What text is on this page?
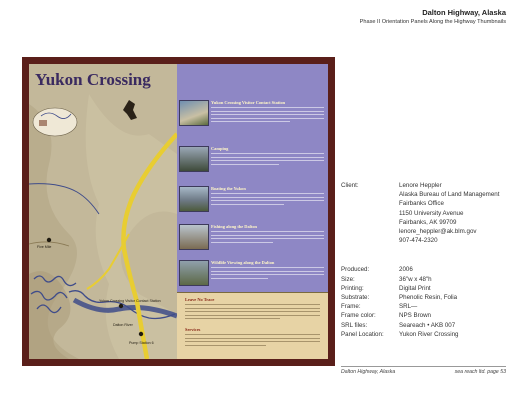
Dalton Highway, Alaska
Phase II Orientation Panels Along the Highway Thumbnails
Five Mile
Yukon Crossing Visitor Contact Station
Dalton River
Pump Station 6
Yukon Crossing
Yukon Crossing Visitor Contact Station
Camping
Boating the Yukon
Fishing along the Dalton
Wildlife Viewing along the Dalton
Leave No Trace
Services
Client:	Lenore Heppler
Alaska Bureau of Land Management
Fairbanks Office
1150 University Avenue
Fairbanks, AK 99709
lenore_heppler@ak.blm.gov
907-474-2320
Produced:	2006
Size:	36"w x 48"h
Printing:	Digital Print
Substrate:	Phenolic Resin, Folia
Frame:	SRL—
Frame color:	NPS Brown
SRL files:	Seareach • AKB 007
Panel Location:	Yukon River Crossing
Dalton Highway, Alaska	sea reach ltd. page 53
